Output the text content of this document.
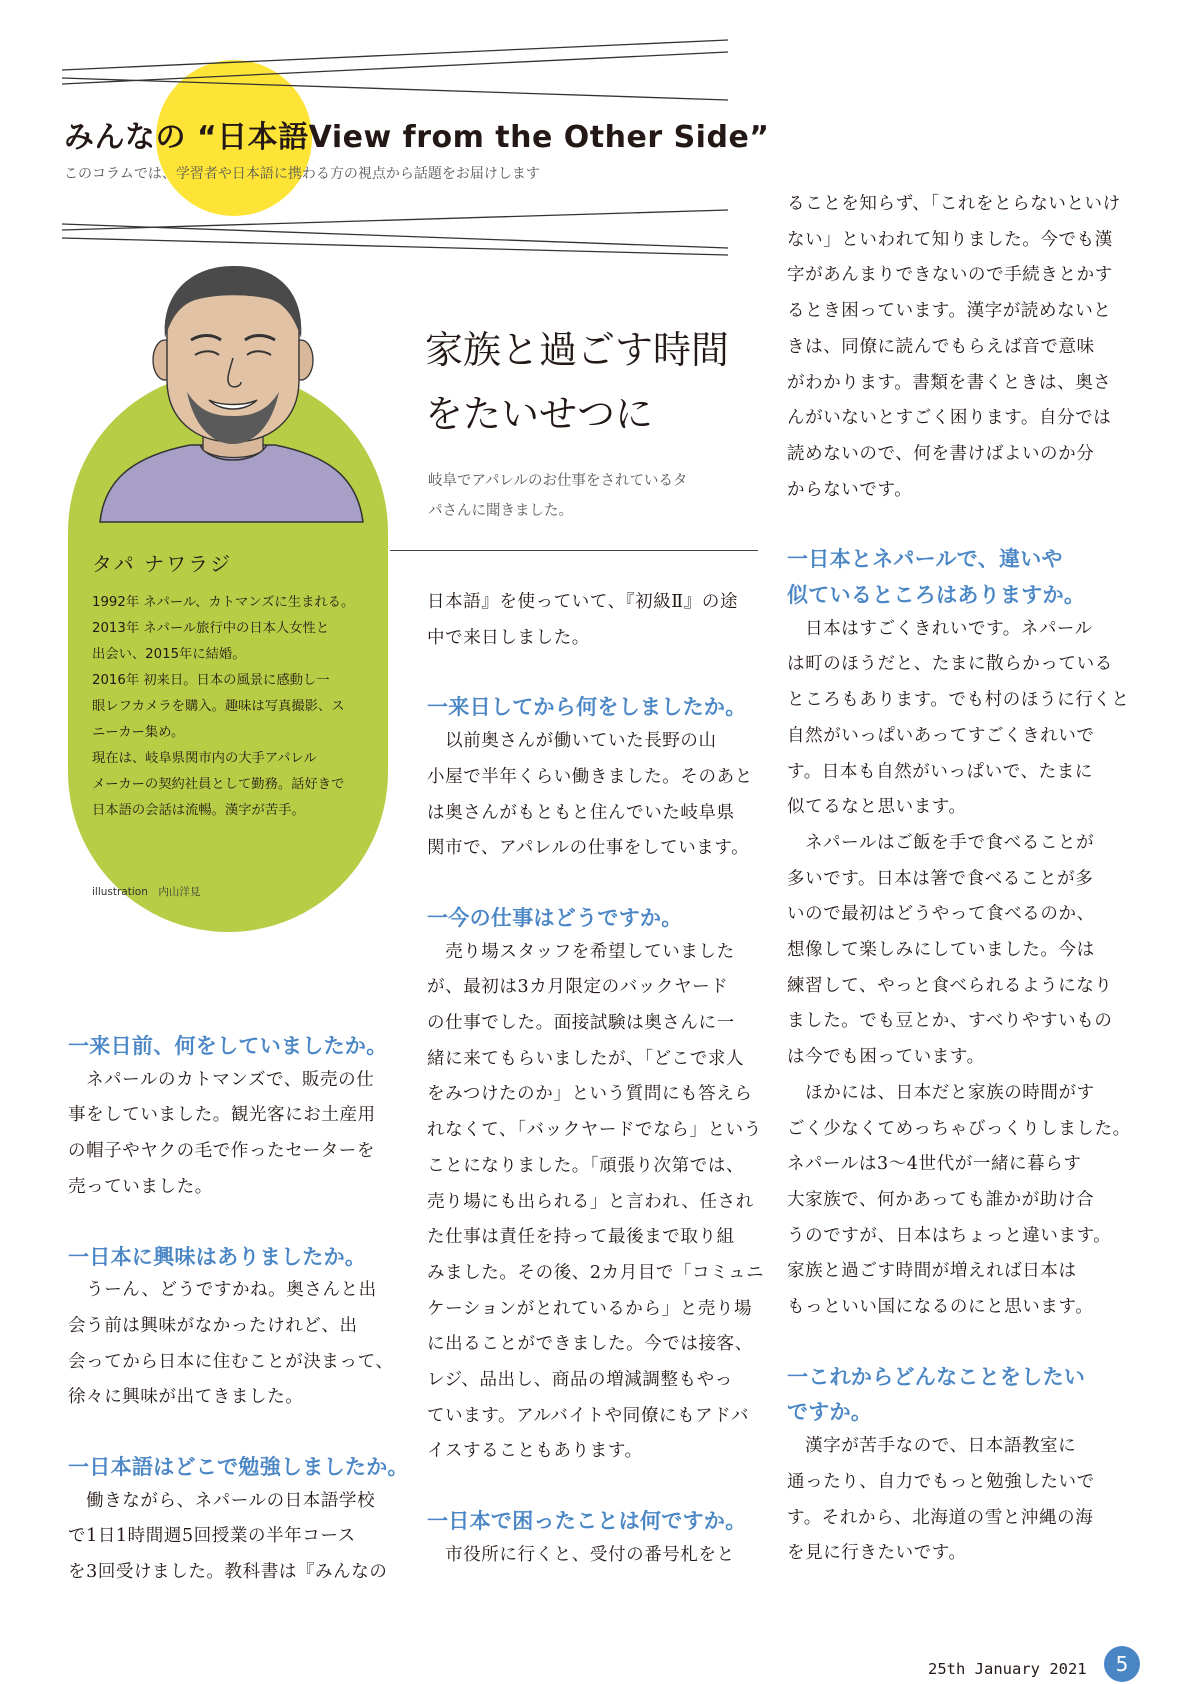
みんなの “日本語View from the Other Side”
このコラムでは、学習者や日本語に携わる方の視点から話題をお届けします
タパ ナワラジ
1992年 ネパール、カトマンズに生まれる。
2013年 ネパール旅行中の日本人女性と
出会い、2015年に結婚。
2016年 初来日。日本の風景に感動し一
眼レフカメラを購入。趣味は写真撮影、ス
ニーカー集め。
現在は、岐阜県関市内の大手アパレル
メーカーの契約社員として勤務。話好きで
日本語の会話は流暢。漢字が苦手。
illustration　内山洋見
家族と過ごす時間
をたいせつに
岐阜でアパレルのお仕事をされているタ
パさんに聞きました。
一来日前、何をしていましたか。
　ネパールのカトマンズで、販売の仕
事をしていました。観光客にお土産用
の帽子やヤクの毛で作ったセーターを
売っていました。
一日本に興味はありましたか。
　うーん、どうですかね。奥さんと出
会う前は興味がなかったけれど、出
会ってから日本に住むことが決まって、
徐々に興味が出てきました。
一日本語はどこで勉強しましたか。
　働きながら、ネパールの日本語学校
で1日1時間週5回授業の半年コース
を3回受けました。教科書は『みんなの
日本語』を使っていて、『初級Ⅱ』の途
中で来日しました。
一来日してから何をしましたか。
　以前奥さんが働いていた長野の山
小屋で半年くらい働きました。そのあと
は奥さんがもともと住んでいた岐阜県
関市で、アパレルの仕事をしています。
一今の仕事はどうですか。
　売り場スタッフを希望していました
が、最初は3カ月限定のバックヤード
の仕事でした。面接試験は奥さんに一
緒に来てもらいましたが、「どこで求人
をみつけたのか」という質問にも答えら
れなくて、「バックヤードでなら」という
ことになりました。「頑張り次第では、
売り場にも出られる」と言われ、任され
た仕事は責任を持って最後まで取り組
みました。その後、2カ月目で「コミュニ
ケーションがとれているから」と売り場
に出ることができました。今では接客、
レジ、品出し、商品の増減調整もやっ
ています。アルバイトや同僚にもアドバ
イスすることもあります。
一日本で困ったことは何ですか。
　市役所に行くと、受付の番号札をと
ることを知らず、「これをとらないといけ
ない」といわれて知りました。今でも漢
字があんまりできないので手続きとかす
るとき困っています。漢字が読めないと
きは、同僚に読んでもらえば音で意味
がわかります。書類を書くときは、奥さ
んがいないとすごく困ります。自分では
読めないので、何を書けばよいのか分
からないです。
一日本とネパールで、違いや
似ているところはありますか。
　日本はすごくきれいです。ネパール
は町のほうだと、たまに散らかっている
ところもあります。でも村のほうに行くと
自然がいっぱいあってすごくきれいで
す。日本も自然がいっぱいで、たまに
似てるなと思います。
　ネパールはご飯を手で食べることが
多いです。日本は箸で食べることが多
いので最初はどうやって食べるのか、
想像して楽しみにしていました。今は
練習して、やっと食べられるようになり
ました。でも豆とか、すべりやすいもの
は今でも困っています。
　ほかには、日本だと家族の時間がす
ごく少なくてめっちゃびっくりしました。
ネパールは3～4世代が一緒に暮らす
大家族で、何かあっても誰かが助け合
うのですが、日本はちょっと違います。
家族と過ごす時間が増えれば日本は
もっといい国になるのにと思います。
一これからどんなことをしたい
ですか。
　漢字が苦手なので、日本語教室に
通ったり、自力でもっと勉強したいで
す。それから、北海道の雪と沖縄の海
を見に行きたいです。
25th January 2021	5
